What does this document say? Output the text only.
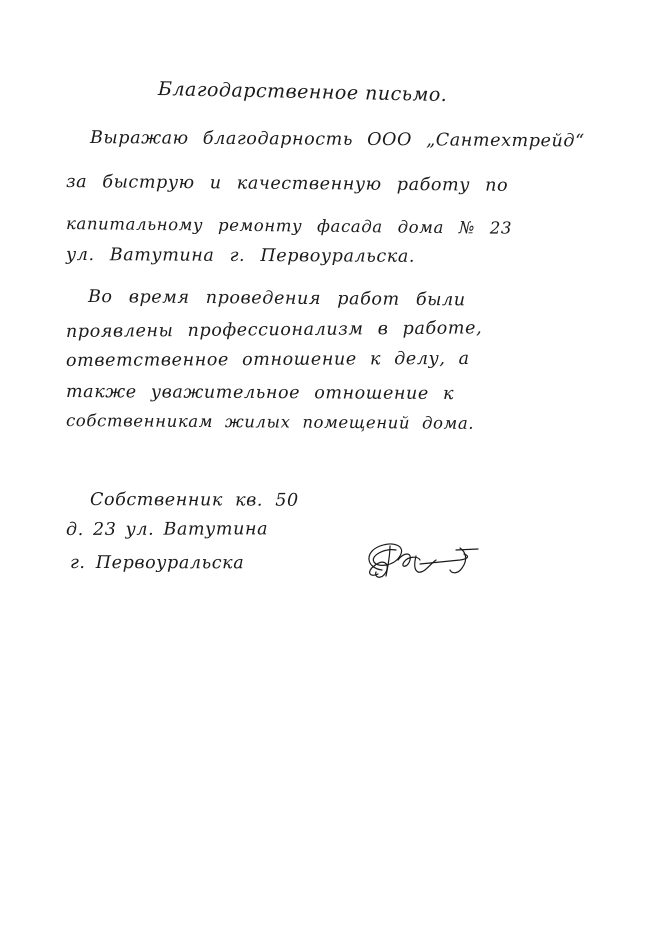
Благодарственное письмо.
Выражаю благодарность ООО „Сантехтрейд“
за быструю и качественную работу по
капитальному ремонту фасада дома № 23
ул. Ватутина г. Первоуральска.
Во время проведения работ были
проявлены профессионализм в работе,
ответственное отношение к делу, а
также уважительное отношение к
собственникам жилых помещений дома.
Собственник кв. 50
д. 23 ул. Ватутина
г. Первоуральска
